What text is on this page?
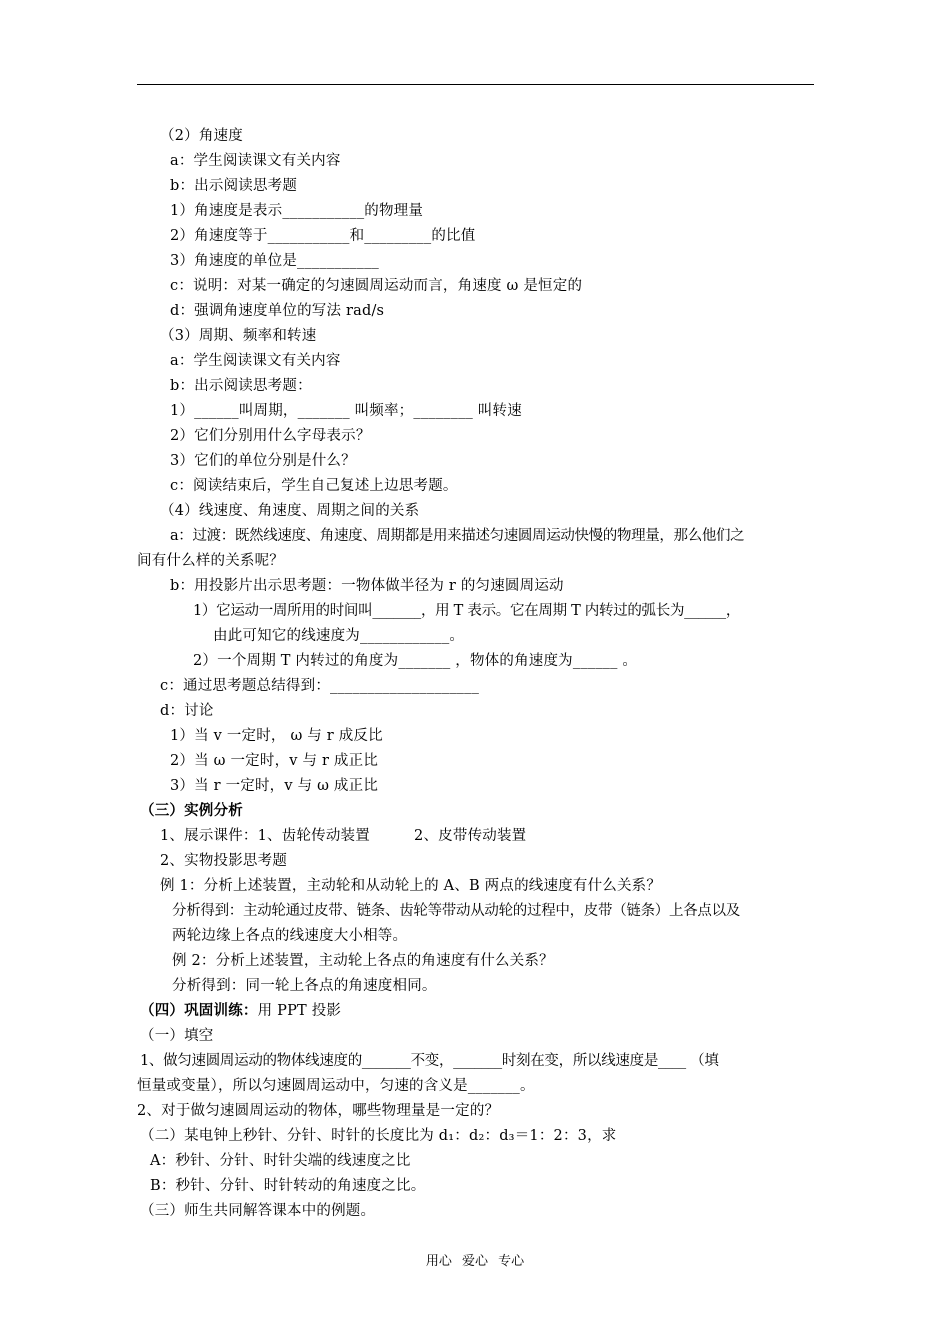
（2）角速度
a：学生阅读课文有关内容
b：出示阅读思考题
1）角速度是表示___________的物理量
2）角速度等于___________和_________的比值
3）角速度的单位是___________
c：说明：对某一确定的匀速圆周运动而言，角速度 ω 是恒定的
d：强调角速度单位的写法 rad/s
（3）周期、频率和转速
a：学生阅读课文有关内容
b：出示阅读思考题：
1）______叫周期，_______ 叫频率；________ 叫转速
2）它们分别用什么字母表示？
3）它们的单位分别是什么？
c：阅读结束后，学生自己复述上边思考题。
（4）线速度、角速度、周期之间的关系
a：过渡：既然线速度、角速度、周期都是用来描述匀速圆周运动快慢的物理量，那么他们之
间有什么样的关系呢？
b：用投影片出示思考题：一物体做半径为 r 的匀速圆周运动
1）它运动一周所用的时间叫_______，用 T 表示。它在周期 T 内转过的弧长为______，
由此可知它的线速度为____________。
2）一个周期 T 内转过的角度为_______ ，物体的角速度为______ 。
c：通过思考题总结得到：____________________
d：讨论
1）当 v 一定时， ω 与 r 成反比
2）当 ω 一定时，v 与 r 成正比
3）当 r 一定时，v 与 ω 成正比
（三）实例分析
1、展示课件：1、齿轮传动装置　　　2、皮带传动装置
2、实物投影思考题
例 1：分析上述装置，主动轮和从动轮上的 A、B 两点的线速度有什么关系？
分析得到：主动轮通过皮带、链条、齿轮等带动从动轮的过程中，皮带（链条）上各点以及
两轮边缘上各点的线速度大小相等。
例 2：分析上述装置，主动轮上各点的角速度有什么关系？
分析得到：同一轮上各点的角速度相同。
（四）巩固训练：用 PPT 投影
（一）填空
1、做匀速圆周运动的物体线速度的_______不变，_______时刻在变，所以线速度是____ （填
恒量或变量），所以匀速圆周运动中，匀速的含义是_______。
2、对于做匀速圆周运动的物体，哪些物理量是一定的？
（二）某电钟上秒针、分针、时针的长度比为 d₁：d₂：d₃＝1：2：3，求
A：秒针、分针、时针尖端的线速度之比
B：秒针、分针、时针转动的角速度之比。
（三）师生共同解答课本中的例题。
用心 爱心 专心
